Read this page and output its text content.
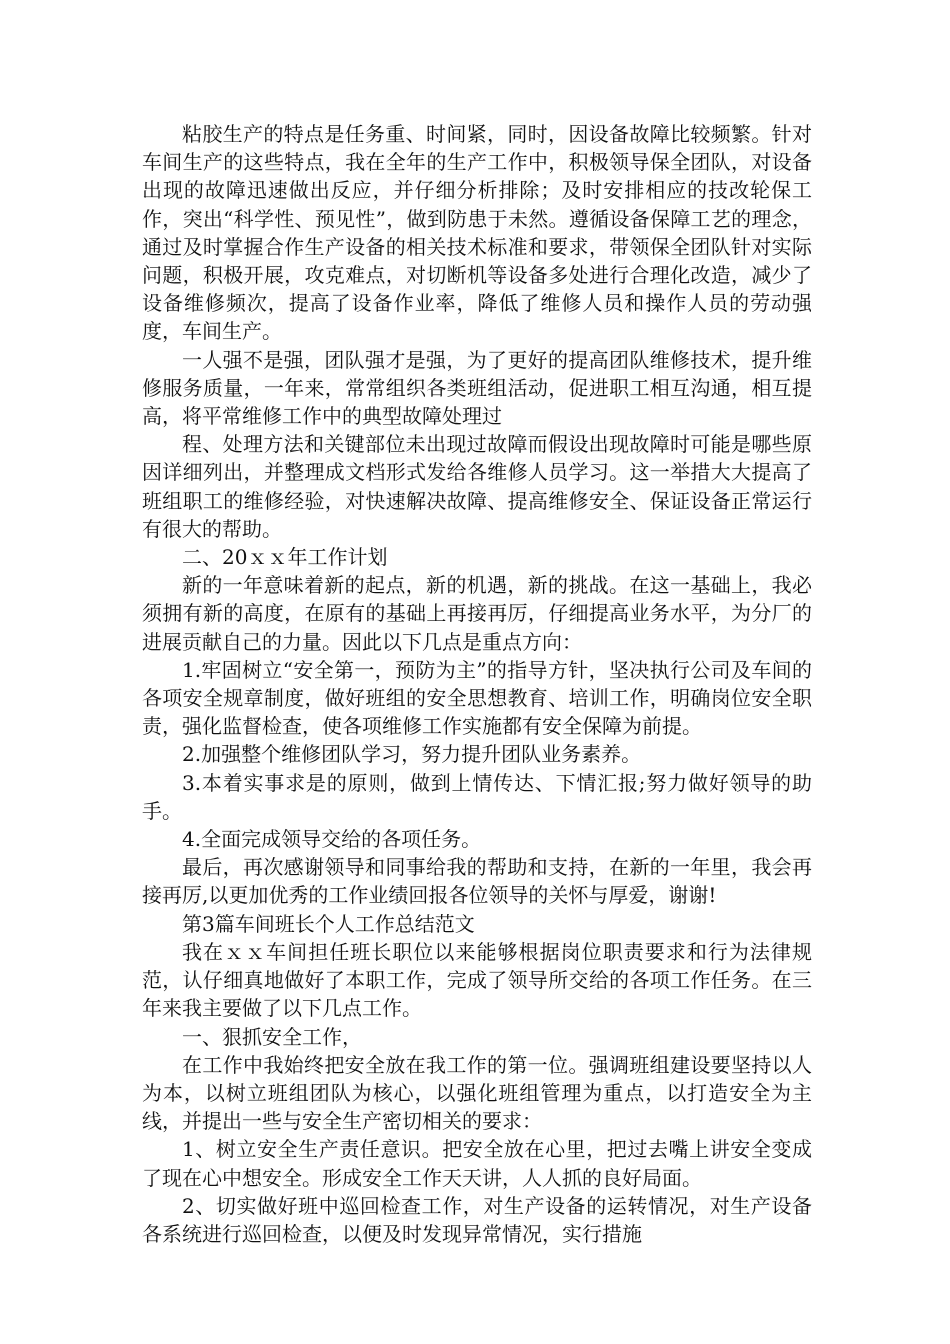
粘胶生产的特点是任务重、时间紧，同时，因设备故障比较频繁。针对车间生产的这些特点，我在全年的生产工作中，积极领导保全团队，对设备出现的故障迅速做出反应，并仔细分析排除；及时安排相应的技改轮保工作，突出“科学性、预见性”，做到防患于未然。遵循设备保障工艺的理念，通过及时掌握合作生产设备的相关技术标准和要求，带领保全团队针对实际问题，积极开展，攻克难点，对切断机等设备多处进行合理化改造，减少了设备维修频次，提高了设备作业率，降低了维修人员和操作人员的劳动强度，车间生产。

一人强不是强，团队强才是强，为了更好的提高团队维修技术，提升维修服务质量，一年来，常常组织各类班组活动，促进职工相互沟通，相互提高，将平常维修工作中的典型故障处理过

程、处理方法和关键部位未出现过故障而假设出现故障时可能是哪些原因详细列出，并整理成文档形式发给各维修人员学习。这一举措大大提高了班组职工的维修经验，对快速解决故障、提高维修安全、保证设备正常运行有很大的帮助。

二、20ｘｘ年工作计划

新的一年意味着新的起点，新的机遇，新的挑战。在这一基础上，我必须拥有新的高度，在原有的基础上再接再厉，仔细提高业务水平，为分厂的进展贡献自己的力量。因此以下几点是重点方向：

1.牢固树立“安全第一，预防为主”的指导方针，坚决执行公司及车间的各项安全规章制度，做好班组的安全思想教育、培训工作，明确岗位安全职责，强化监督检查，使各项维修工作实施都有安全保障为前提。

2.加强整个维修团队学习，努力提升团队业务素养。

3.本着实事求是的原则，做到上情传达、下情汇报;努力做好领导的助手。

4.全面完成领导交给的各项任务。

最后，再次感谢领导和同事给我的帮助和支持，在新的一年里，我会再接再厉,以更加优秀的工作业绩回报各位领导的关怀与厚爱，谢谢!

第3篇车间班长个人工作总结范文

我在ｘｘ车间担任班长职位以来能够根据岗位职责要求和行为法律规范，认仔细真地做好了本职工作，完成了领导所交给的各项工作任务。在三年来我主要做了以下几点工作。

一、狠抓安全工作，

在工作中我始终把安全放在我工作的第一位。强调班组建设要坚持以人为本，以树立班组团队为核心，以强化班组管理为重点，以打造安全为主线，并提出一些与安全生产密切相关的要求：

1、树立安全生产责任意识。把安全放在心里，把过去嘴上讲安全变成了现在心中想安全。形成安全工作天天讲，人人抓的良好局面。

2、切实做好班中巡回检查工作，对生产设备的运转情况，对生产设备各系统进行巡回检查，以便及时发现异常情况，实行措施
